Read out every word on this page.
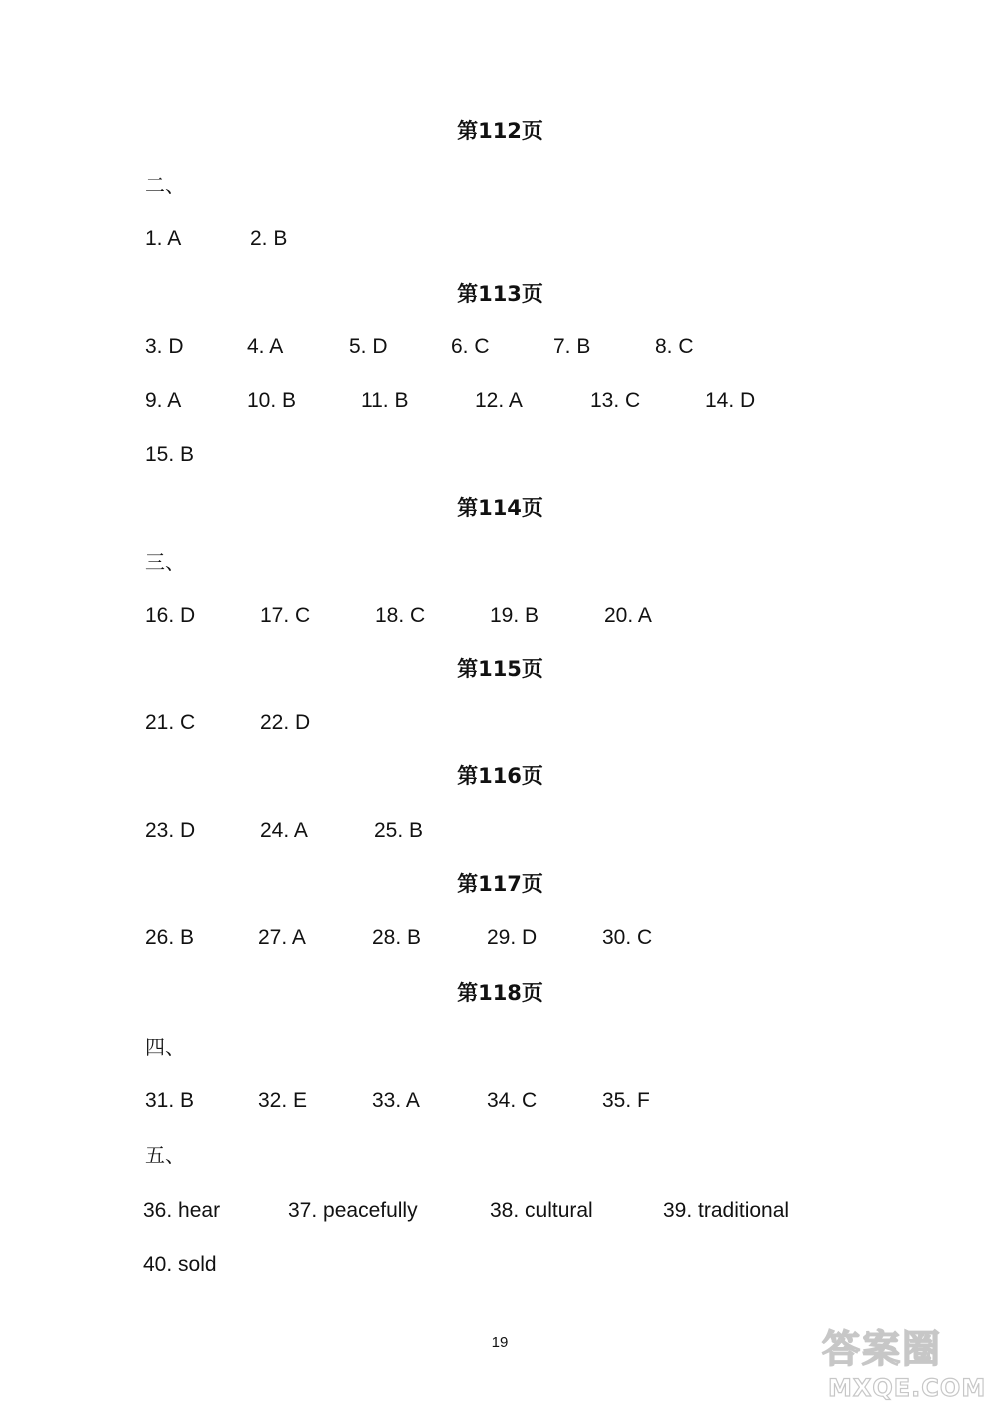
第112页

二、

1. A	2. B
第113页
3. D	4. A	5. D	6. C	7. B	8. C
9. A	10. B	11. B	12. A	13. C	14. D
15. B
第114页

三、

16. D	17. C	18. C	19. B	20. A
第115页
21. C	22. D
第116页
23. D	24. A	25. B
第117页
26. B	27. A	28. B	29. D	30. C
第118页

四、

31. B	32. E	33. A	34. C	35. F

五、

36. hear	37. peacefully	38. cultural	39. traditional
40. sold
19	答案圈
MXQE.COM
